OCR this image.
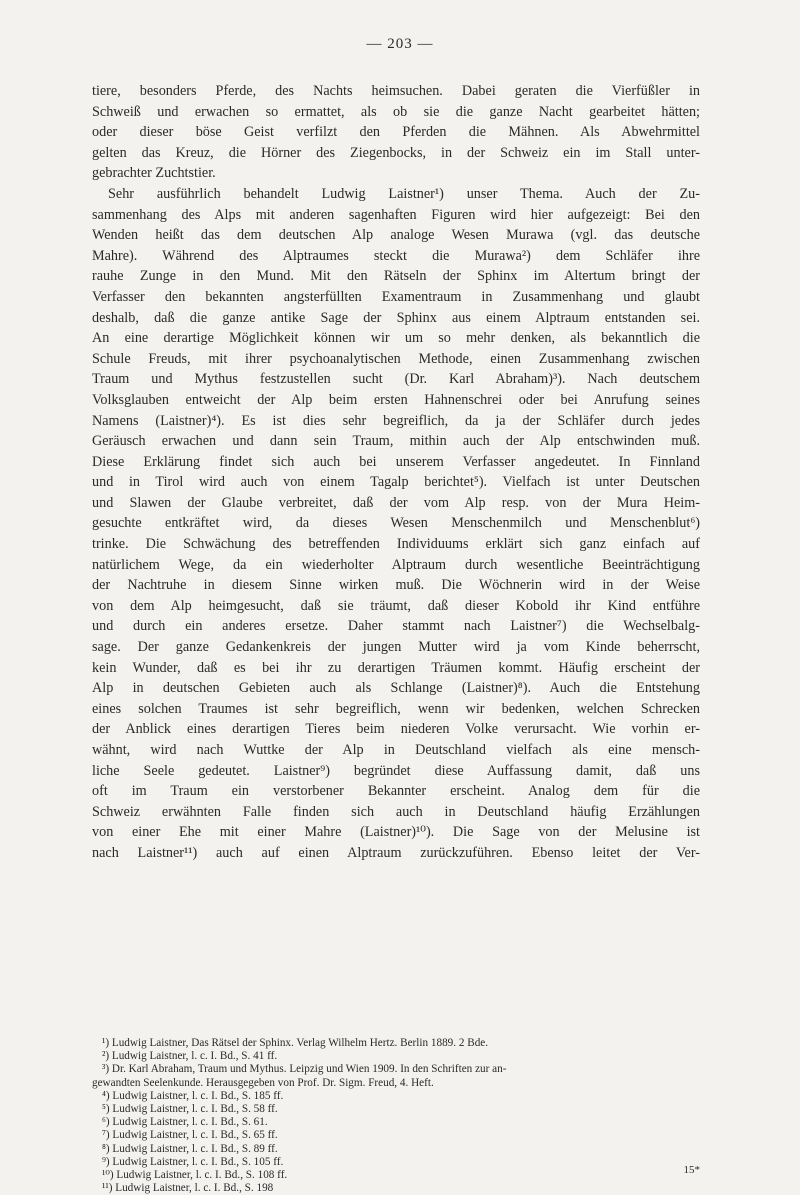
— 203 —
tiere, besonders Pferde, des Nachts heimsuchen. Dabei geraten die Vierfüßler in
Schweiß und erwachen so ermattet, als ob sie die ganze Nacht gearbeitet hätten;
oder dieser böse Geist verfilzt den Pferden die Mähnen. Als Abwehrmittel
gelten das Kreuz, die Hörner des Ziegenbocks, in der Schweiz ein im Stall unter-
gebrachter Zuchtstier.
Sehr ausführlich behandelt Ludwig Laistner¹) unser Thema. Auch der Zu-
sammenhang des Alps mit anderen sagenhaften Figuren wird hier aufgezeigt: Bei den
Wenden heißt das dem deutschen Alp analoge Wesen Murawa (vgl. das deutsche
Mahre). Während des Alptraumes steckt die Murawa²) dem Schläfer ihre
rauhe Zunge in den Mund. Mit den Rätseln der Sphinx im Altertum bringt der
Verfasser den bekannten angsterfüllten Examentraum in Zusammenhang und glaubt
deshalb, daß die ganze antike Sage der Sphinx aus einem Alptraum entstanden sei.
An eine derartige Möglichkeit können wir um so mehr denken, als bekanntlich die
Schule Freuds, mit ihrer psychoanalytischen Methode, einen Zusammenhang zwischen
Traum und Mythus festzustellen sucht (Dr. Karl Abraham)³). Nach deutschem
Volksglauben entweicht der Alp beim ersten Hahnenschrei oder bei Anrufung seines
Namens (Laistner)⁴). Es ist dies sehr begreiflich, da ja der Schläfer durch jedes
Geräusch erwachen und dann sein Traum, mithin auch der Alp entschwinden muß.
Diese Erklärung findet sich auch bei unserem Verfasser angedeutet. In Finnland
und in Tirol wird auch von einem Tagalp berichtet⁵). Vielfach ist unter Deutschen
und Slawen der Glaube verbreitet, daß der vom Alp resp. von der Mura Heim-
gesuchte entkräftet wird, da dieses Wesen Menschenmilch und Menschenblut⁶)
trinke. Die Schwächung des betreffenden Individuums erklärt sich ganz einfach auf
natürlichem Wege, da ein wiederholter Alptraum durch wesentliche Beeinträchtigung
der Nachtruhe in diesem Sinne wirken muß. Die Wöchnerin wird in der Weise
von dem Alp heimgesucht, daß sie träumt, daß dieser Kobold ihr Kind entführe
und durch ein anderes ersetze. Daher stammt nach Laistner⁷) die Wechselbalg-
sage. Der ganze Gedankenkreis der jungen Mutter wird ja vom Kinde beherrscht,
kein Wunder, daß es bei ihr zu derartigen Träumen kommt. Häufig erscheint der
Alp in deutschen Gebieten auch als Schlange (Laistner)⁸). Auch die Entstehung
eines solchen Traumes ist sehr begreiflich, wenn wir bedenken, welchen Schrecken
der Anblick eines derartigen Tieres beim niederen Volke verursacht. Wie vorhin er-
wähnt, wird nach Wuttke der Alp in Deutschland vielfach als eine mensch-
liche Seele gedeutet. Laistner⁹) begründet diese Auffassung damit, daß uns
oft im Traum ein verstorbener Bekannter erscheint. Analog dem für die
Schweiz erwähnten Falle finden sich auch in Deutschland häufig Erzählungen
von einer Ehe mit einer Mahre (Laistner)¹⁰). Die Sage von der Melusine ist
nach Laistner¹¹) auch auf einen Alptraum zurückzuführen. Ebenso leitet der Ver-
¹) Ludwig Laistner, Das Rätsel der Sphinx. Verlag Wilhelm Hertz. Berlin 1889. 2 Bde.
²) Ludwig Laistner, l. c. I. Bd., S. 41 ff.
³) Dr. Karl Abraham, Traum und Mythus. Leipzig und Wien 1909. In den Schriften zur an-
gewandten Seelenkunde. Herausgegeben von Prof. Dr. Sigm. Freud, 4. Heft.
⁴) Ludwig Laistner, l. c. I. Bd., S. 185 ff.
⁵) Ludwig Laistner, l. c. I. Bd., S. 58 ff.
⁶) Ludwig Laistner, l. c. I. Bd., S. 61.
⁷) Ludwig Laistner, l. c. I. Bd., S. 65 ff.
⁸) Ludwig Laistner, l. c. I. Bd., S. 89 ff.
⁹) Ludwig Laistner, l. c. I. Bd., S. 105 ff.
¹⁰) Ludwig Laistner, l. c. I. Bd., S. 108 ff.
¹¹) Ludwig Laistner, l. c. I. Bd., S. 198
15*
